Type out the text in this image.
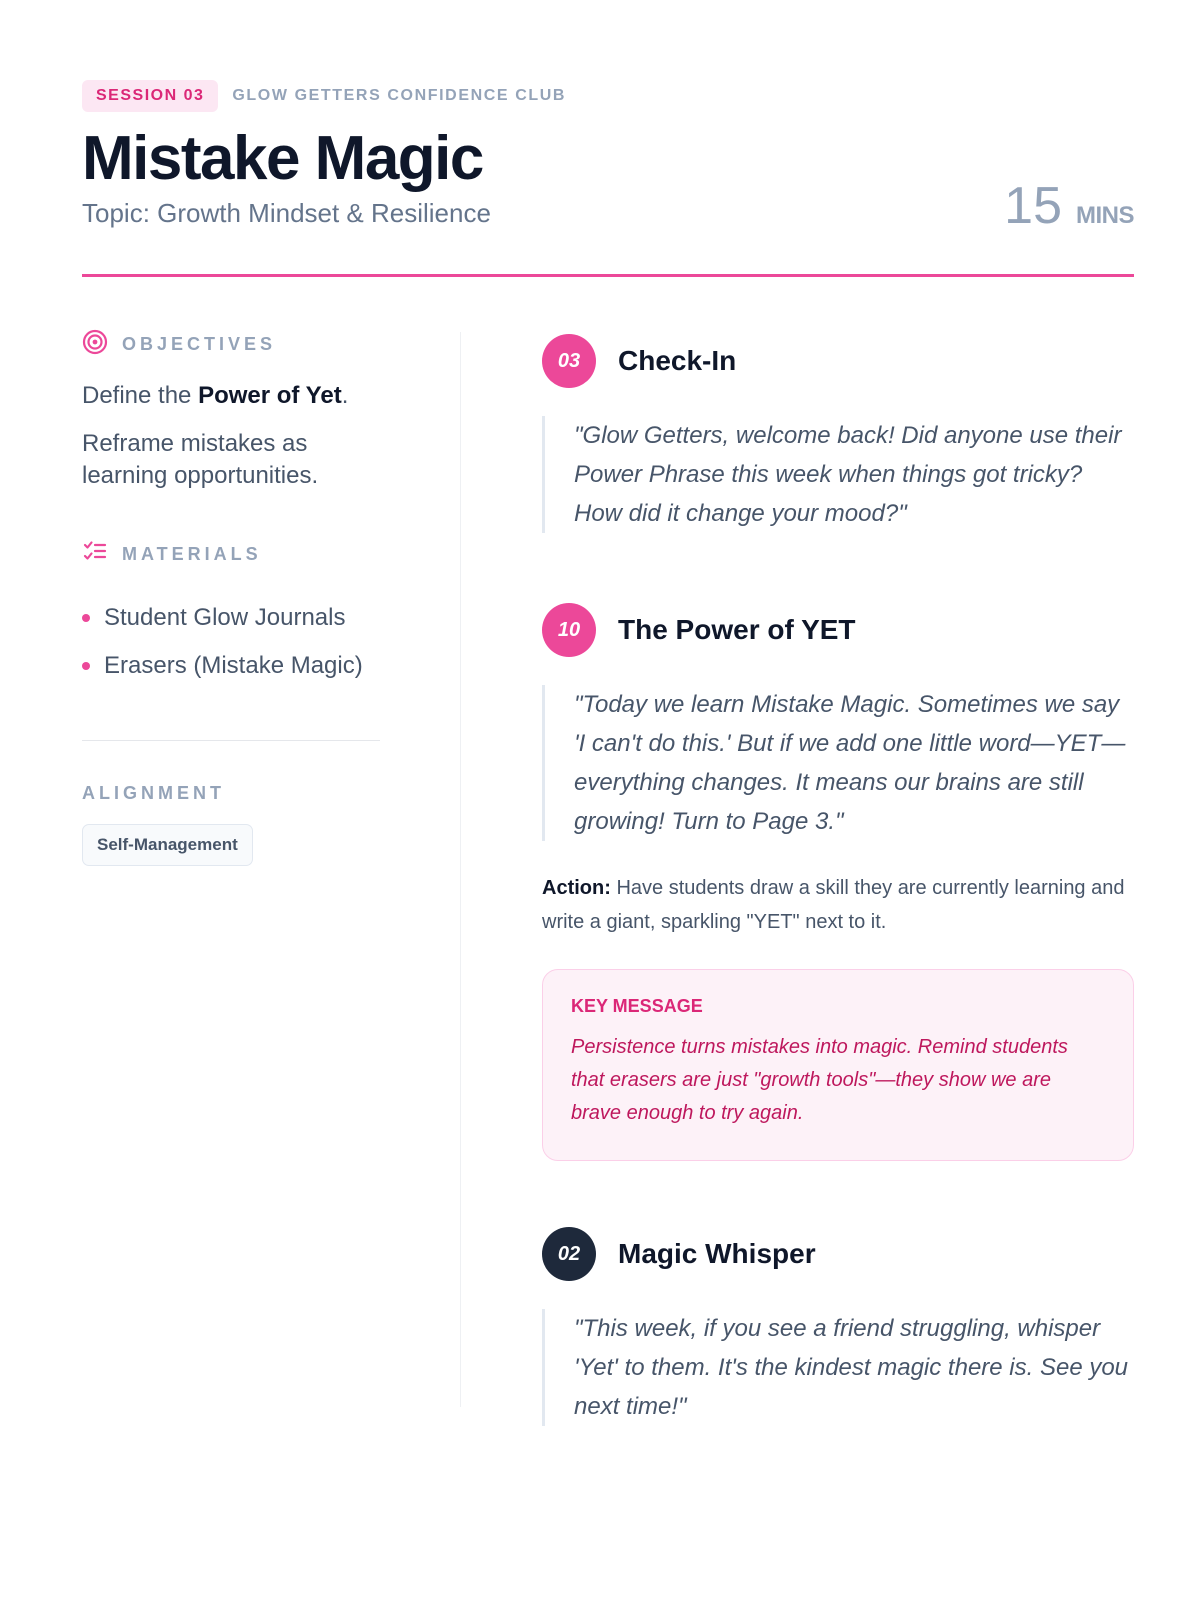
SESSION 03	GLOW GETTERS CONFIDENCE CLUB
Mistake Magic
Topic: Growth Mindset & Resilience	15 MINS
OBJECTIVES

Define the Power of Yet.

Reframe mistakes as learning opportunities.

MATERIALS
Student Glow Journals
Erasers (Mistake Magic)
ALIGNMENT
Self-Management
03	Check-In
"Glow Getters, welcome back! Did anyone use their Power Phrase this week when things got tricky? How did it change your mood?"
10	The Power of YET
"Today we learn Mistake Magic. Sometimes we say 'I can't do this.' But if we add one little word—YET—everything changes. It means our brains are still growing! Turn to Page 3."

Action: Have students draw a skill they are currently learning and write a giant, sparkling "YET" next to it.

KEY MESSAGE

Persistence turns mistakes into magic. Remind students that erasers are just "growth tools"—they show we are brave enough to try again.

02	Magic Whisper
"This week, if you see a friend struggling, whisper 'Yet' to them. It's the kindest magic there is. See you next time!"
